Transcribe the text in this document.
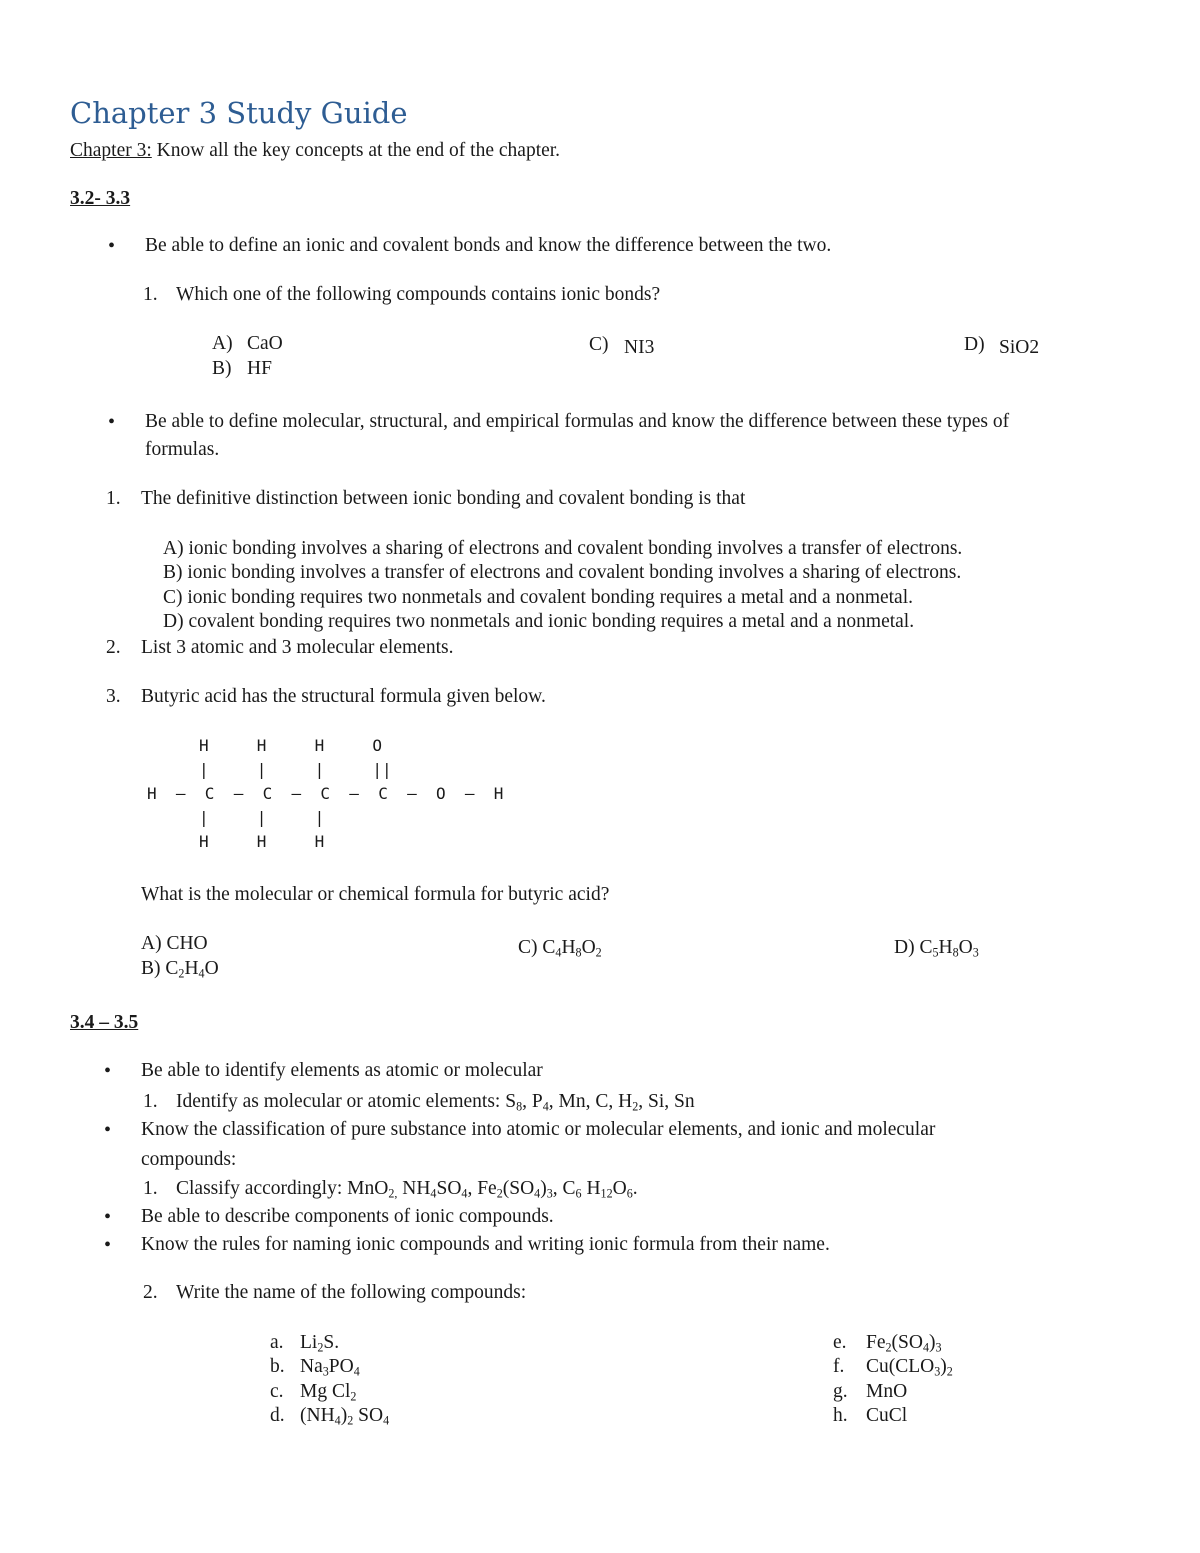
Chapter 3 Study Guide
Chapter 3: Know all the key concepts at the end of the chapter.
3.2- 3.3
• Be able to define an ionic and covalent bonds and know the difference between the two.
1. Which one of the following compounds contains ionic bonds?
A) CaO
B) HF
C) NI3	D) SiO2
• Be able to define molecular, structural, and empirical formulas and know the difference between these types of
formulas.
1. The definitive distinction between ionic bonding and covalent bonding is that
A) ionic bonding involves a sharing of electrons and covalent bonding involves a transfer of electrons.
B) ionic bonding involves a transfer of electrons and covalent bonding involves a sharing of electrons.
C) ionic bonding requires two nonmetals and covalent bonding requires a metal and a nonmetal.
D) covalent bonding requires two nonmetals and ionic bonding requires a metal and a nonmetal.
2. List 3 atomic and 3 molecular elements.
3. Butyric acid has the structural formula given below.
H     H     H     O
|     |     |     ||
H  —  C  —  C  —  C  —  C  —  O  —  H
|     |     |
H     H     H
What is the molecular or chemical formula for butyric acid?
A) CHO
B) $C_2H_4O$
C) $C_4H_8O_2$	D) $C_5H_8O_3$
3.4 – 3.5
• Be able to identify elements as atomic or molecular
1. Identify as molecular or atomic elements: $S_8$, $P_4$, Mn, C, $H_2$, Si, Sn
• Know the classification of pure substance into atomic or molecular elements, and ionic and molecular
compounds:
1. Classify accordingly: MnO$_{2,}$ $NH_4SO_4$, $Fe_2(SO_4)_3$, $C_6$ $H_{12}O_6$.
• Be able to describe components of ionic compounds.
• Know the rules for naming ionic compounds and writing ionic formula from their name.
2. Write the name of the following compounds:
a. $Li_2S$.
b. $Na_3PO_4$
c. Mg $Cl_2$
d. $(NH_4)_2$ $SO_4$
e. $Fe_2(SO_4)_3$
f. $Cu(CLO_3)_2$
g. MnO
h. CuCl
